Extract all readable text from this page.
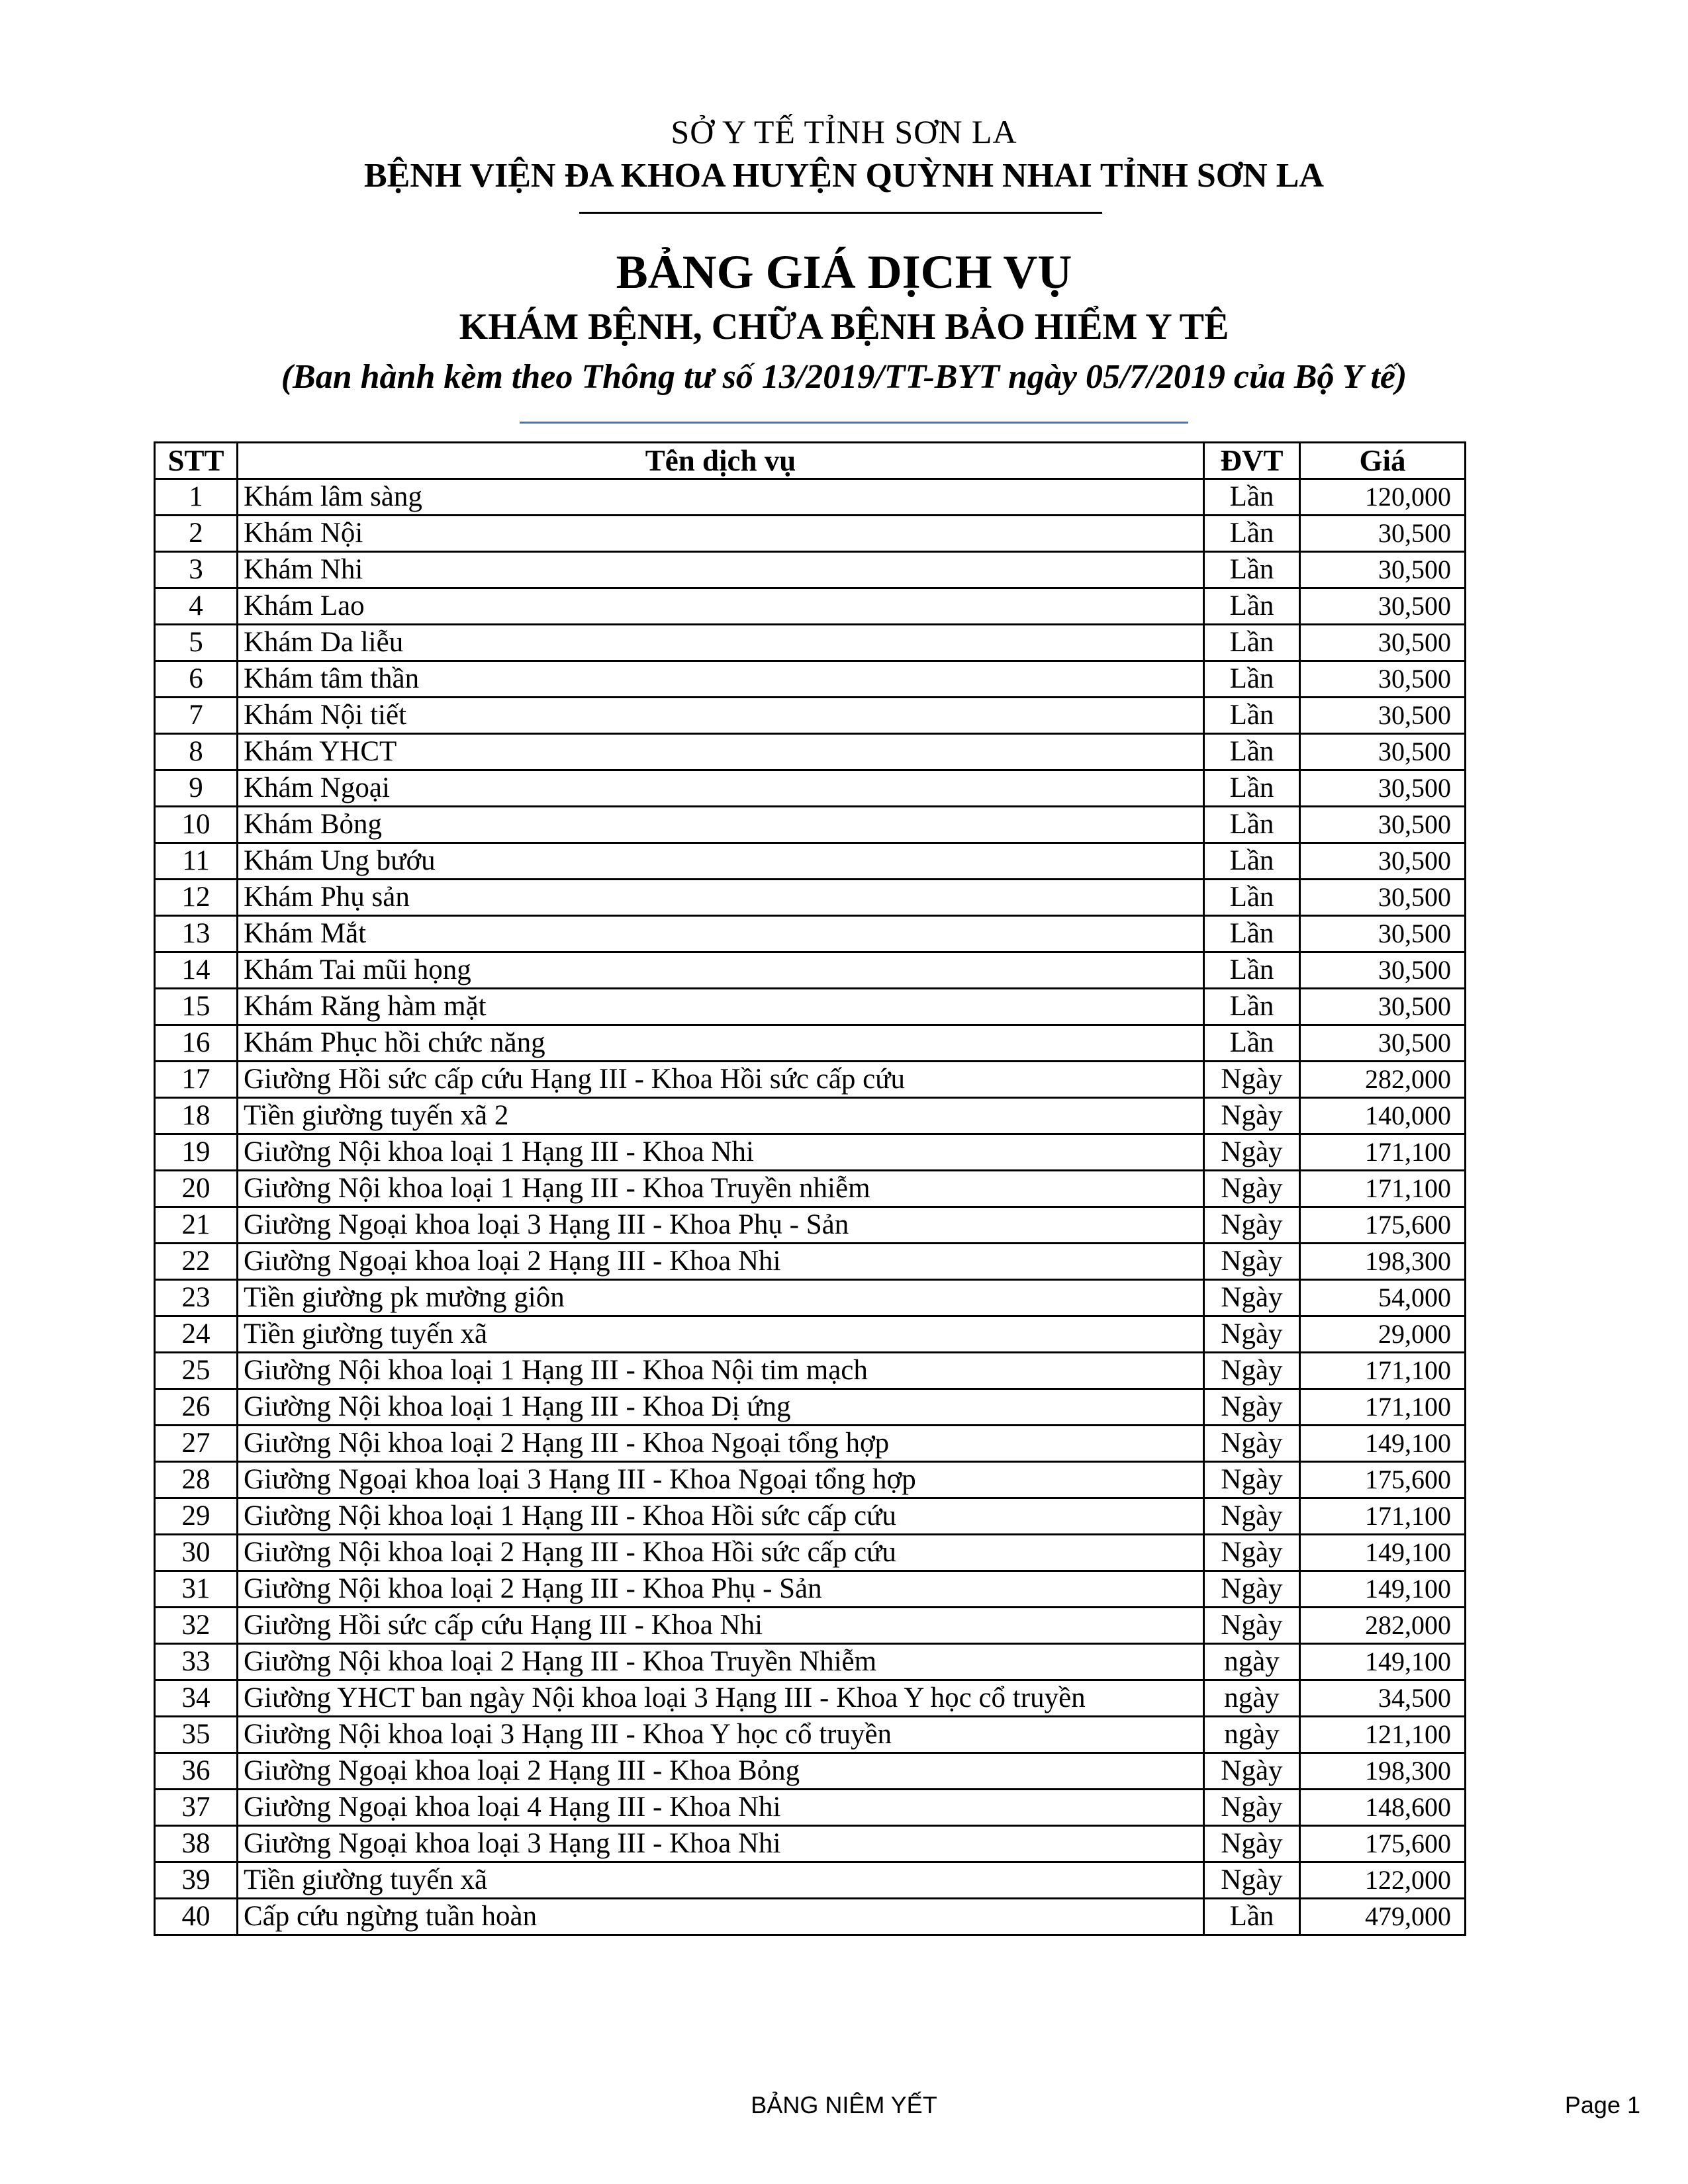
SỞ Y TẾ TỈNH SƠN LA
BỆNH VIỆN ĐA KHOA HUYỆN QUỲNH NHAI TỈNH SƠN LA
BẢNG GIÁ DỊCH VỤ
KHÁM BỆNH, CHỮA BỆNH BẢO HIỂM Y TÊ
(Ban hành kèm theo Thông tư số 13/2019/TT-BYT ngày 05/7/2019 của Bộ Y tế)
STT	Tên dịch vụ	ĐVT	Giá
1	Khám lâm sàng	Lần	120,000
2	Khám Nội	Lần	30,500
3	Khám Nhi	Lần	30,500
4	Khám Lao	Lần	30,500
5	Khám Da liễu	Lần	30,500
6	Khám tâm thần	Lần	30,500
7	Khám Nội tiết	Lần	30,500
8	Khám YHCT	Lần	30,500
9	Khám Ngoại	Lần	30,500
10	Khám Bỏng	Lần	30,500
11	Khám Ung bướu	Lần	30,500
12	Khám Phụ sản	Lần	30,500
13	Khám Mắt	Lần	30,500
14	Khám Tai mũi họng	Lần	30,500
15	Khám Răng hàm mặt	Lần	30,500
16	Khám Phục hồi chức năng	Lần	30,500
17	Giường Hồi sức cấp cứu Hạng III - Khoa Hồi sức cấp cứu	Ngày	282,000
18	Tiền giường tuyến xã 2	Ngày	140,000
19	Giường Nội khoa loại 1 Hạng III - Khoa Nhi	Ngày	171,100
20	Giường Nội khoa loại 1 Hạng III - Khoa Truyền nhiễm	Ngày	171,100
21	Giường Ngoại khoa loại 3 Hạng III - Khoa Phụ - Sản	Ngày	175,600
22	Giường Ngoại khoa loại 2 Hạng III - Khoa Nhi	Ngày	198,300
23	Tiền giường pk mường giôn	Ngày	54,000
24	Tiền giường tuyến xã	Ngày	29,000
25	Giường Nội khoa loại 1 Hạng III - Khoa Nội tim mạch	Ngày	171,100
26	Giường Nội khoa loại 1 Hạng III - Khoa Dị ứng	Ngày	171,100
27	Giường Nội khoa loại 2 Hạng III - Khoa Ngoại tổng hợp	Ngày	149,100
28	Giường Ngoại khoa loại 3 Hạng III - Khoa Ngoại tổng hợp	Ngày	175,600
29	Giường Nội khoa loại 1 Hạng III - Khoa Hồi sức cấp cứu	Ngày	171,100
30	Giường Nội khoa loại 2 Hạng III - Khoa Hồi sức cấp cứu	Ngày	149,100
31	Giường Nội khoa loại 2 Hạng III - Khoa Phụ - Sản	Ngày	149,100
32	Giường Hồi sức cấp cứu Hạng III - Khoa Nhi	Ngày	282,000
33	Giường Nội khoa loại 2 Hạng III - Khoa Truyền Nhiễm	ngày	149,100
34	Giường YHCT ban ngày Nội khoa loại 3 Hạng III - Khoa Y học cổ truyền	ngày	34,500
35	Giường Nội khoa loại 3 Hạng III - Khoa Y học cổ truyền	ngày	121,100
36	Giường Ngoại khoa loại 2 Hạng III - Khoa Bỏng	Ngày	198,300
37	Giường Ngoại khoa loại 4 Hạng III - Khoa Nhi	Ngày	148,600
38	Giường Ngoại khoa loại 3 Hạng III - Khoa Nhi	Ngày	175,600
39	Tiền giường tuyến xã	Ngày	122,000
40	Cấp cứu ngừng tuần hoàn	Lần	479,000
BẢNG NIÊM YẾT	Page 1
